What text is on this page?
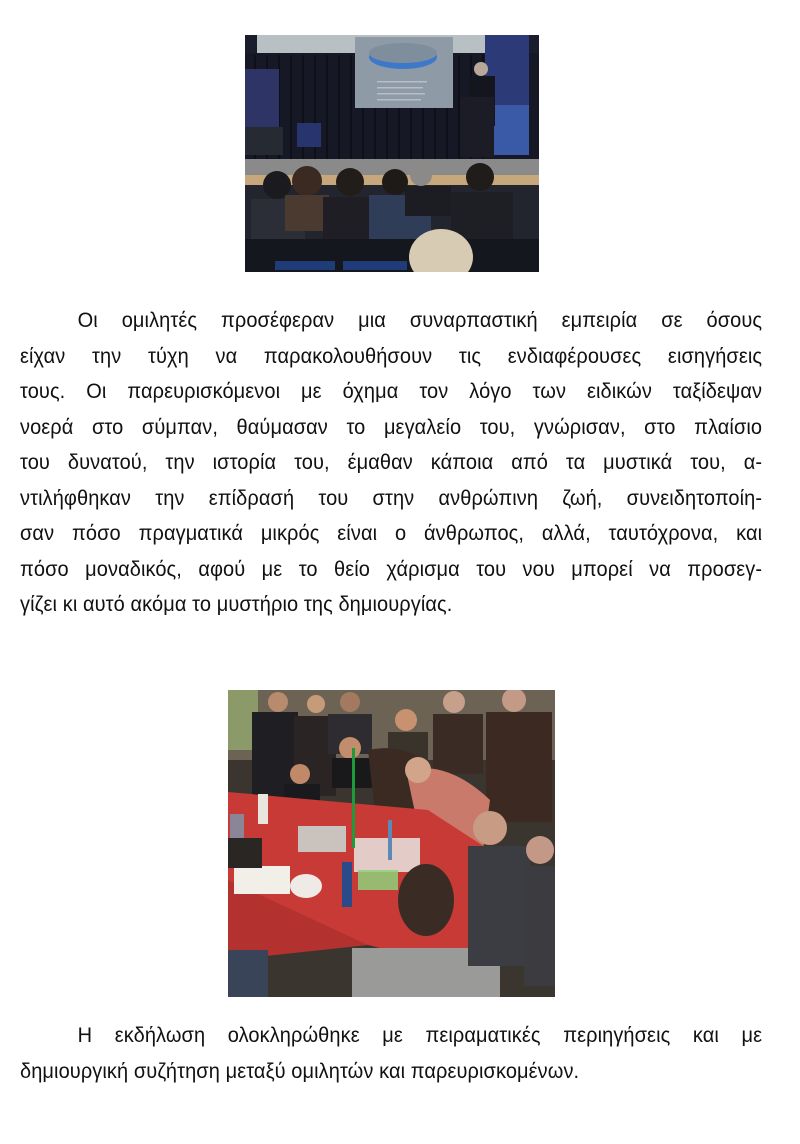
Οι ομιλητές προσέφεραν μια συναρπαστική εμπειρία σε όσους
είχαν την τύχη να παρακολουθήσουν τις ενδιαφέρουσες εισηγήσεις
τους. Οι παρευρισκόμενοι με όχημα τον λόγο των ειδικών ταξίδεψαν
νοερά στο σύμπαν, θαύμασαν το μεγαλείο του, γνώρισαν, στο πλαίσιο
του δυνατού, την ιστορία του, έμαθαν κάποια από τα μυστικά του, α-
ντιλήφθηκαν την επίδρασή του στην ανθρώπινη ζωή, συνειδητοποίη-
σαν πόσο πραγματικά μικρός είναι ο άνθρωπος, αλλά, ταυτόχρονα, και
πόσο μοναδικός, αφού με το θείο χάρισμα του νου μπορεί να προσεγ-
γίζει κι αυτό ακόμα το μυστήριο της δημιουργίας.

Η εκδήλωση ολοκληρώθηκε με πειραματικές περιηγήσεις και με
δημιουργική συζήτηση μεταξύ ομιλητών και παρευρισκομένων.
